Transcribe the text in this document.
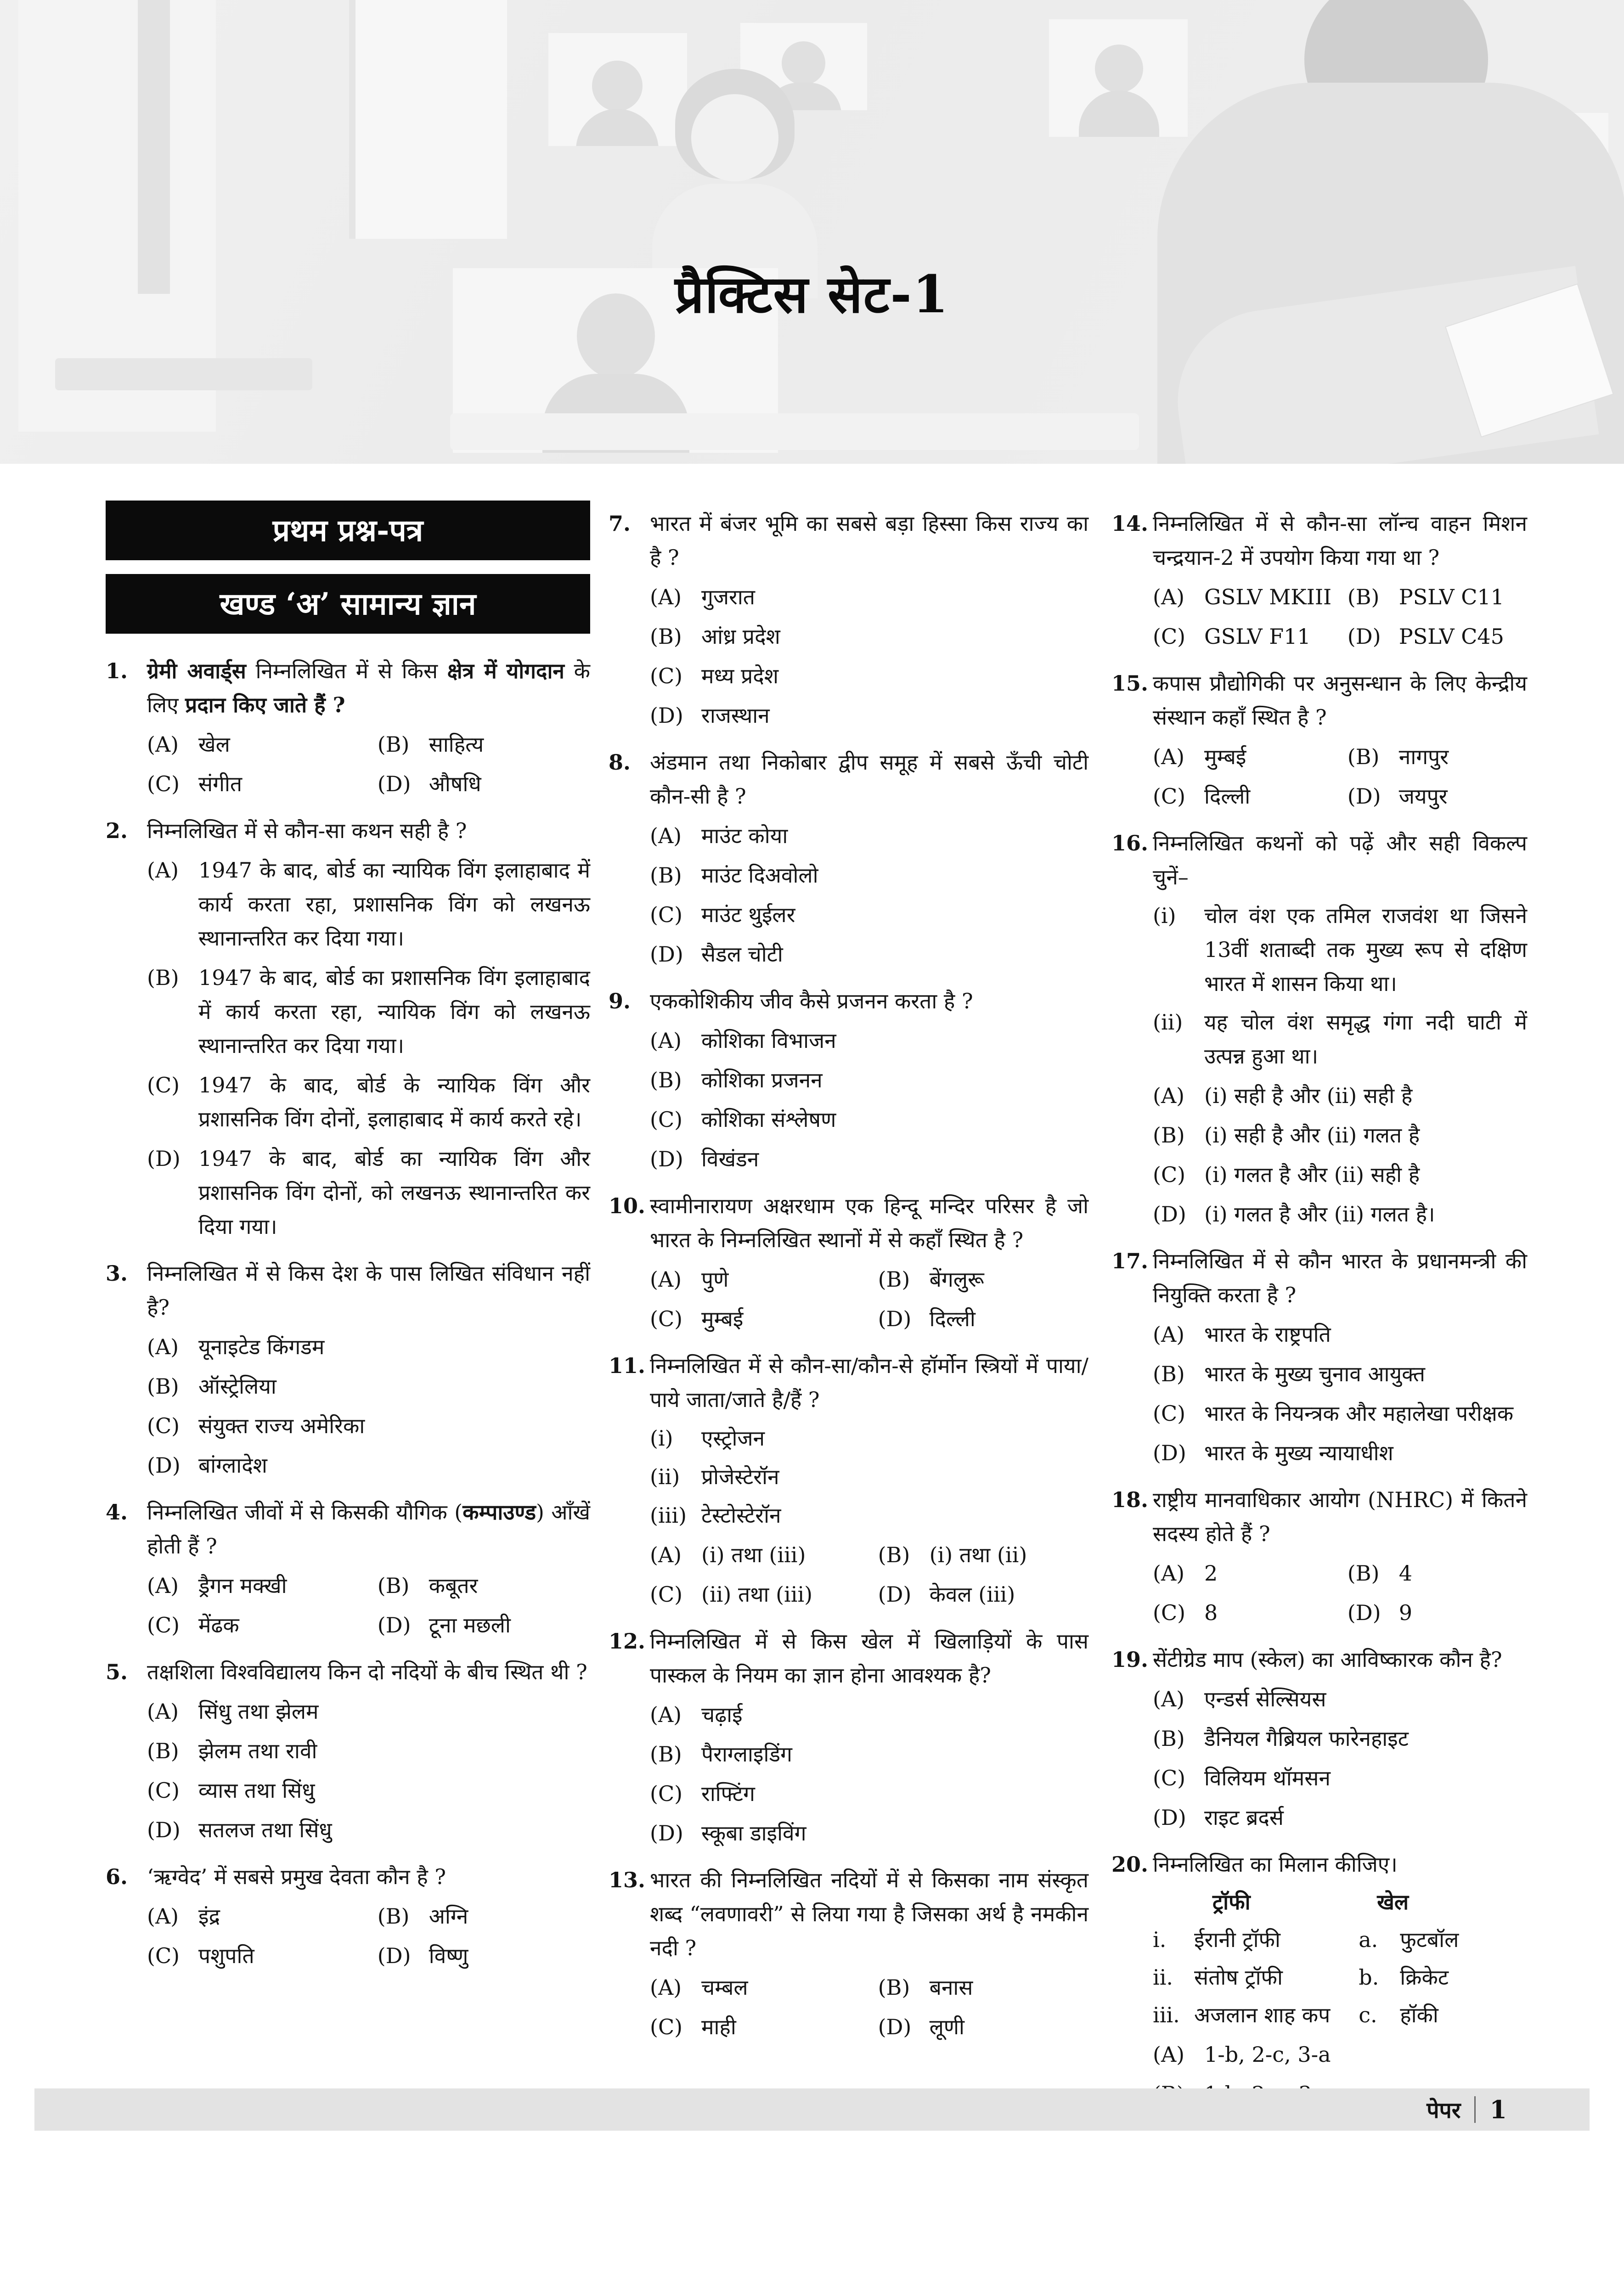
प्रैक्टिस सेट-1
प्रथम प्रश्न-पत्र
खण्ड ‘अ’ सामान्य ज्ञान
1. ग्रेमी अवार्ड्स निम्नलिखित में से किस क्षेत्र में योगदान के लिए प्रदान किए जाते हैं ?
(A) खेल	(B) साहित्य
(C) संगीत	(D) औषधि
2. निम्नलिखित में से कौन-सा कथन सही है ?
(A) 1947 के बाद, बोर्ड का न्यायिक विंग इलाहाबाद में कार्य करता रहा, प्रशासनिक विंग को लखनऊ स्थानान्तरित कर दिया गया।
(B) 1947 के बाद, बोर्ड का प्रशासनिक विंग इलाहाबाद में कार्य करता रहा, न्यायिक विंग को लखनऊ स्थानान्तरित कर दिया गया।
(C) 1947 के बाद, बोर्ड के न्यायिक विंग और प्रशासनिक विंग दोनों, इलाहाबाद में कार्य करते रहे।
(D) 1947 के बाद, बोर्ड का न्यायिक विंग और प्रशासनिक विंग दोनों, को लखनऊ स्थानान्तरित कर दिया गया।
3. निम्नलिखित में से किस देश के पास लिखित संविधान नहीं है?
(A) यूनाइटेड किंगडम
(B) ऑस्ट्रेलिया
(C) संयुक्त राज्य अमेरिका
(D) बांग्लादेश
4. निम्नलिखित जीवों में से किसकी यौगिक (कम्पाउण्ड) आँखें होती हैं ?
(A) ड्रैगन मक्खी	(B) कबूतर
(C) मेंढक	(D) टूना मछली
5. तक्षशिला विश्वविद्यालय किन दो नदियों के बीच स्थित थी ?
(A) सिंधु तथा झेलम
(B) झेलम तथा रावी
(C) व्यास तथा सिंधु
(D) सतलज तथा सिंधु
6. ‘ऋग्वेद’ में सबसे प्रमुख देवता कौन है ?
(A) इंद्र	(B) अग्नि
(C) पशुपति	(D) विष्णु
7. भारत में बंजर भूमि का सबसे बड़ा हिस्सा किस राज्य का है ?
(A) गुजरात
(B) आंध्र प्रदेश
(C) मध्य प्रदेश
(D) राजस्थान
8. अंडमान तथा निकोबार द्वीप समूह में सबसे ऊँची चोटी कौन-सी है ?
(A) माउंट कोया
(B) माउंट दिअवोलो
(C) माउंट थुईलर
(D) सैडल चोटी
9. एककोशिकीय जीव कैसे प्रजनन करता है ?
(A) कोशिका विभाजन
(B) कोशिका प्रजनन
(C) कोशिका संश्लेषण
(D) विखंडन
10. स्वामीनारायण अक्षरधाम एक हिन्दू मन्दिर परिसर है जो भारत के निम्नलिखित स्थानों में से कहाँ स्थित है ?
(A) पुणे	(B) बेंगलुरू
(C) मुम्बई	(D) दिल्ली
11. निम्नलिखित में से कौन-सा/कौन-से हॉर्मोन स्त्रियों में पाया/पाये जाता/जाते है/हैं ?
(i)	एस्ट्रोजन
(ii)	प्रोजेस्टेरॉन
(iii) टेस्टोस्टेरॉन
(A) (i) तथा (iii)	(B) (i) तथा (ii)
(C) (ii) तथा (iii)	(D) केवल (iii)
12. निम्नलिखित में से किस खेल में खिलाड़ियों के पास पास्कल के नियम का ज्ञान होना आवश्यक है?
(A) चढ़ाई
(B) पैराग्लाइडिंग
(C) राफ्टिंग
(D) स्कूबा डाइविंग
13. भारत की निम्नलिखित नदियों में से किसका नाम संस्कृत शब्द “लवणावरी” से लिया गया है जिसका अर्थ है नमकीन नदी ?
(A) चम्बल	(B) बनास
(C) माही	(D) लूणी
14. निम्नलिखित में से कौन-सा लॉन्च वाहन मिशन चन्द्रयान-2 में उपयोग किया गया था ?
(A) GSLV MKIII (B) PSLV C11
(C) GSLV F11	(D) PSLV C45
15. कपास प्रौद्योगिकी पर अनुसन्धान के लिए केन्द्रीय संस्थान कहाँ स्थित है ?
(A) मुम्बई	(B) नागपुर
(C) दिल्ली	(D) जयपुर
16. निम्नलिखित कथनों को पढ़ें और सही विकल्प चुनें–
(i)	चोल वंश एक तमिल राजवंश था जिसने 13वीं शताब्दी तक मुख्य रूप से दक्षिण भारत में शासन किया था।
(ii)	यह चोल वंश समृद्ध गंगा नदी घाटी में उत्पन्न हुआ था।
(A) (i) सही है और (ii) सही है
(B) (i) सही है और (ii) गलत है
(C) (i) गलत है और (ii) सही है
(D) (i) गलत है और (ii) गलत है।
17. निम्नलिखित में से कौन भारत के प्रधानमन्त्री की नियुक्ति करता है ?
(A) भारत के राष्ट्रपति
(B) भारत के मुख्य चुनाव आयुक्त
(C) भारत के नियन्त्रक और महालेखा परीक्षक
(D) भारत के मुख्य न्यायाधीश
18. राष्ट्रीय मानवाधिकार आयोग (NHRC) में कितने सदस्य होते हैं ?
(A) 2	(B) 4
(C) 8	(D) 9
19. सेंटीग्रेड माप (स्केल) का आविष्कारक कौन है?
(A) एन्डर्स सेल्सियस
(B) डैनियल गैब्रियल फारेनहाइट
(C) विलियम थॉमसन
(D) राइट ब्रदर्स
20. निम्नलिखित का मिलान कीजिए।
ट्रॉफी	खेल
i.	ईरानी ट्रॉफी	a.	फुटबॉल
ii. संतोष ट्रॉफी	b. क्रिकेट
iii. अजलान शाह कप c.	हॉकी
(A) 1-b, 2-c, 3-a
पेपर 1
